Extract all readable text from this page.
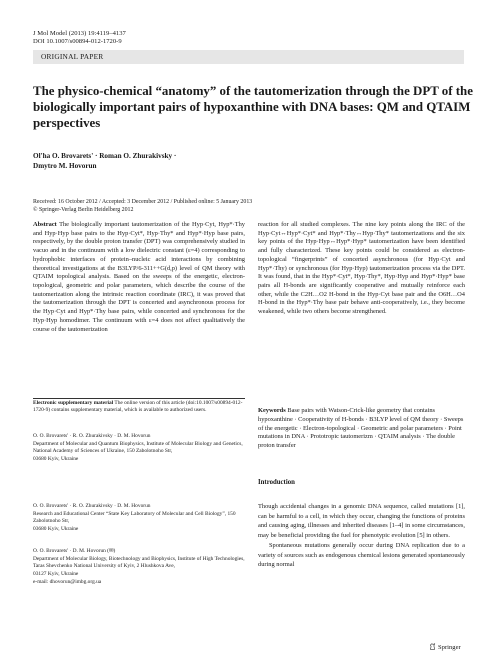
J Mol Model (2013) 19:4119–4137
DOI 10.1007/s00894-012-1720-9
ORIGINAL PAPER
The physico-chemical “anatomy” of the tautomerization through the DPT of the biologically important pairs of hypoxanthine with DNA bases: QM and QTAIM perspectives
Ol'ha O. Brovarets' · Roman O. Zhurakivsky ·
Dmytro M. Hovorun
Received: 16 October 2012 / Accepted: 3 December 2012 / Published online: 5 January 2013
© Springer-Verlag Berlin Heidelberg 2012

Abstract The biologically important tautomerization of the Hyp·Cyt, Hyp*·Thy and Hyp·Hyp base pairs to the Hyp·Cyt*, Hyp·Thy* and Hyp*·Hyp base pairs, respectively, by the double proton transfer (DPT) was comprehensively studied in vacuo and in the continuum with a low dielectric constant (ε=4) corresponding to hydrophobic interfaces of protein–nucleic acid interactions by combining theoretical investigations at the B3LYP/6-311++G(d,p) level of QM theory with QTAIM topological analysis. Based on the sweeps of the energetic, electron-topological, geometric and polar parameters, which describe the course of the tautomerization along the intrinsic reaction coordinate (IRC), it was proved that the tautomerization through the DPT is concerted and asynchronous process for the Hyp·Cyt and Hyp*·Thy base pairs, while concerted and synchronous for the Hyp·Hyp homodimer. The continuum with ε=4 does not affect qualitatively the course of the tautomerization

reaction for all studied complexes. The nine key points along the IRC of the Hyp·Cyt↔Hyp*·Cyt* and Hyp*·Thy↔Hyp·Thy* tautomerizations and the six key points of the Hyp·Hyp↔Hyp*·Hyp* tautomerization have been identified and fully characterized. These key points could be considered as electron-topological “fingerprints” of concerted asynchronous (for Hyp·Cyt and Hyp*·Thy) or synchronous (for Hyp·Hyp) tautomerization process via the DPT. It was found, that in the Hyp*·Cyt*, Hyp·Thy*, Hyp·Hyp and Hyp*·Hyp* base pairs all H-bonds are significantly cooperative and mutually reinforce each other, while the C2H…O2 H-bond in the Hyp·Cyt base pair and the O6H…O4 H-bond in the Hyp*·Thy base pair behave anti-cooperatively, i.e., they become weakened, while two others become strengthened.

Electronic supplementary material The online version of this article (doi:10.1007/s00894-012-1720-9) contains supplementary material, which is available to authorized users.
O. O. Brovarets' · R. O. Zhurakivsky · D. M. Hovorun
Department of Molecular and Quantum Biophysics, Institute of Molecular Biology and Genetics, National Academy of Sciences of Ukraine, 150 Zabolotnoho Str,
03680 Kyiv, Ukraine
O. O. Brovarets' · R. O. Zhurakivsky · D. M. Hovorun
Research and Educational Center “State Key Laboratory of Molecular and Cell Biology”, 150 Zabolotnoho Str,
03680 Kyiv, Ukraine
O. O. Brovarets' · D. M. Hovorun (✉)
Department of Molecular Biology, Biotechnology and Biophysics, Institute of High Technologies, Taras Shevchenko National University of Kyiv, 2 Hlushkova Ave,
03127 Kyiv, Ukraine
e-mail: dhovorun@imbg.org.ua
Keywords Base pairs with Watson-Crick-like geometry that contains hypoxanthine · Cooperativity of H-bonds · B3LYP level of QM theory · Sweeps of the energetic · Electron-topological · Geometric and polar parameters · Point mutations in DNA · Prototropic tautomerizm · QTAIM analysis · The double proton transfer
Introduction

Though accidental changes in a genomic DNA sequence, called mutations [1], can be harmful to a cell, in which they occur, changing the functions of proteins and causing aging, illnesses and inherited diseases [1–4] in some circumstances, may be beneficial providing the fuel for phenotypic evolution [5] in others.

Spontaneous mutations generally occur during DNA replication due to a variety of sources such as endogenous chemical lesions generated spontaneously during normal

Springer
